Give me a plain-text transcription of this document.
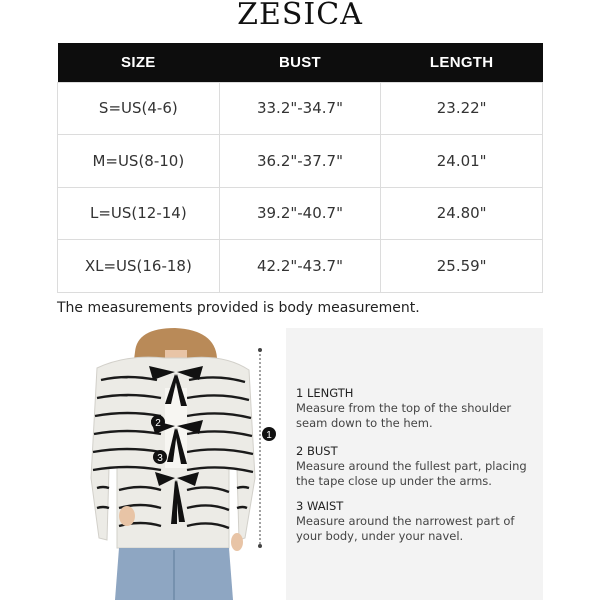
ZESICA
SIZE	BUST	LENGTH
S=US(4-6)	33.2"-34.7"	23.22"
M=US(8-10)	36.2"-37.7"	24.01"
L=US(12-14)	39.2"-40.7"	24.80"
XL=US(16-18)	42.2"-43.7"	25.59"
The measurements provided is body measurement.
1
2
3
1 LENGTH
Measure from the top of the shoulder
seam down to the hem.
2 BUST
Measure around the fullest part, placing
the tape close up under the arms.
3 WAIST
Measure around the narrowest part of
your body, under your navel.
